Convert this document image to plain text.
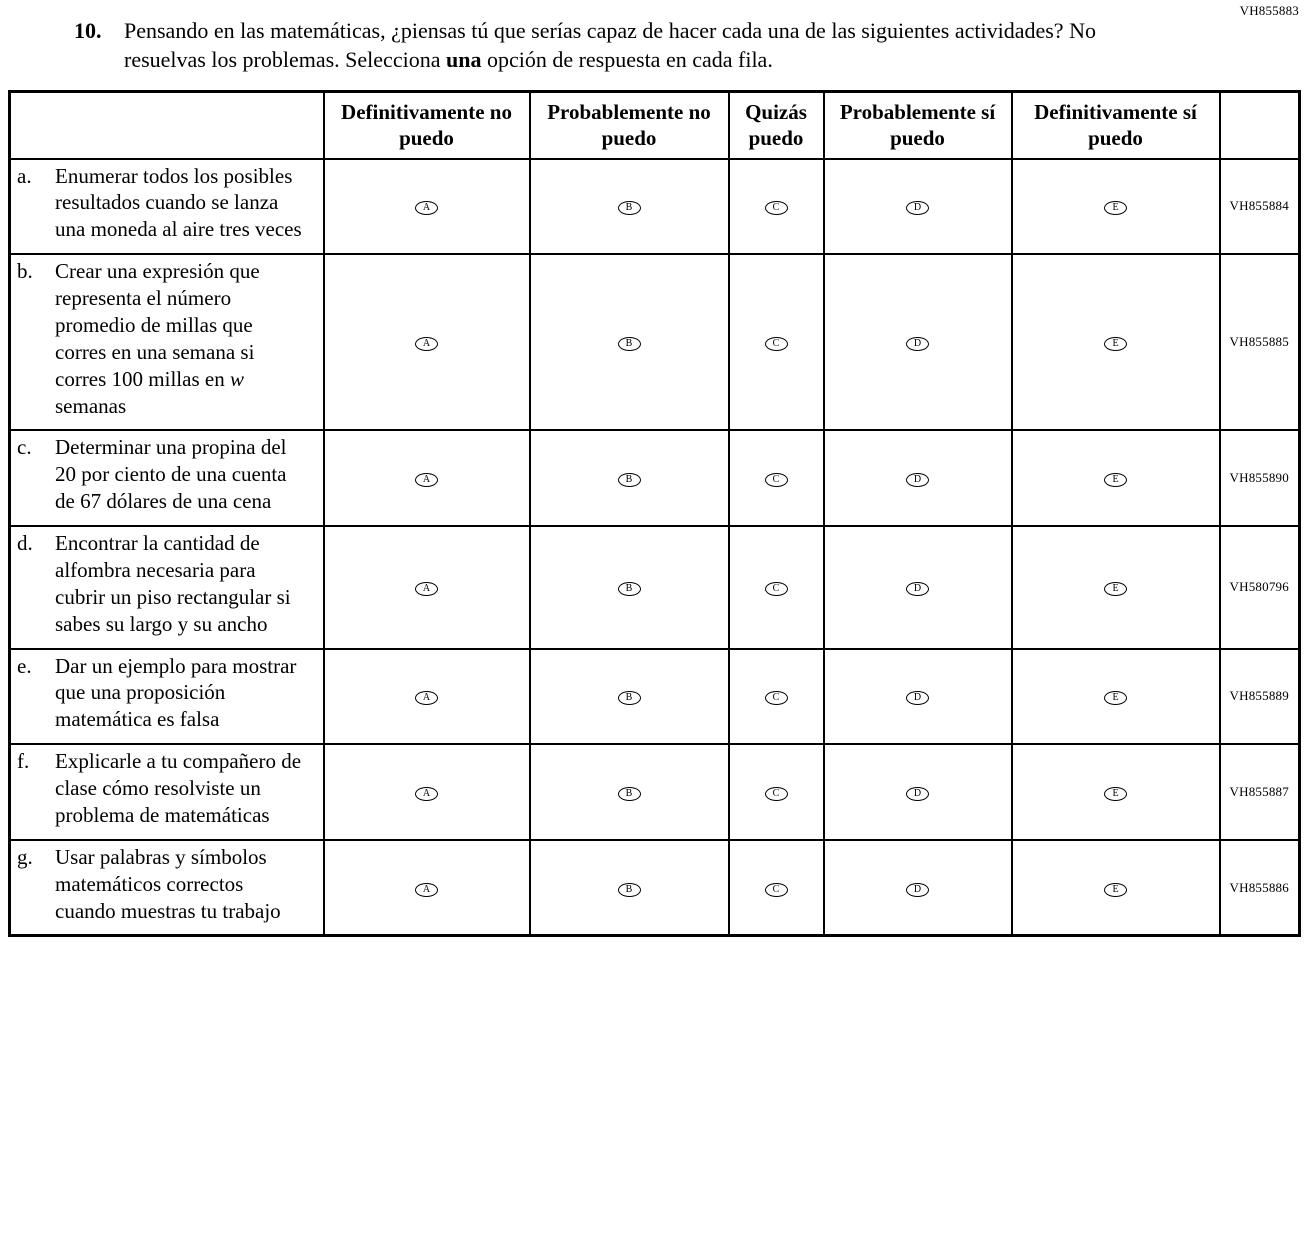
VH855883
10.	Pensando en las matemáticas, ¿piensas tú que serías capaz de hacer cada una de las siguientes actividades? No resuelvas los problemas. Selecciona una opción de respuesta en cada fila.
	Definitivamente no puedo	Probablemente no puedo	Quizás puedo	Probablemente sí puedo	Definitivamente sí puedo	

a. Enumerar todos los posibles resultados cuando se lanza una moneda al aire tres veces	A	B	C	D	E	VH855884

b. Crear una expresión que representa el número promedio de millas que corres en una semana si corres 100 millas en w semanas	A	B	C	D	E	VH855885

c. Determinar una propina del 20 por ciento de una cuenta de 67 dólares de una cena	A	B	C	D	E	VH855890

d. Encontrar la cantidad de alfombra necesaria para cubrir un piso rectangular si sabes su largo y su ancho	A	B	C	D	E	VH580796

e. Dar un ejemplo para mostrar que una proposición matemática es falsa	A	B	C	D	E	VH855889

f. Explicarle a tu compañero de clase cómo resolviste un problema de matemáticas	A	B	C	D	E	VH855887

g. Usar palabras y símbolos matemáticos correctos cuando muestras tu trabajo	A	B	C	D	E	VH855886
